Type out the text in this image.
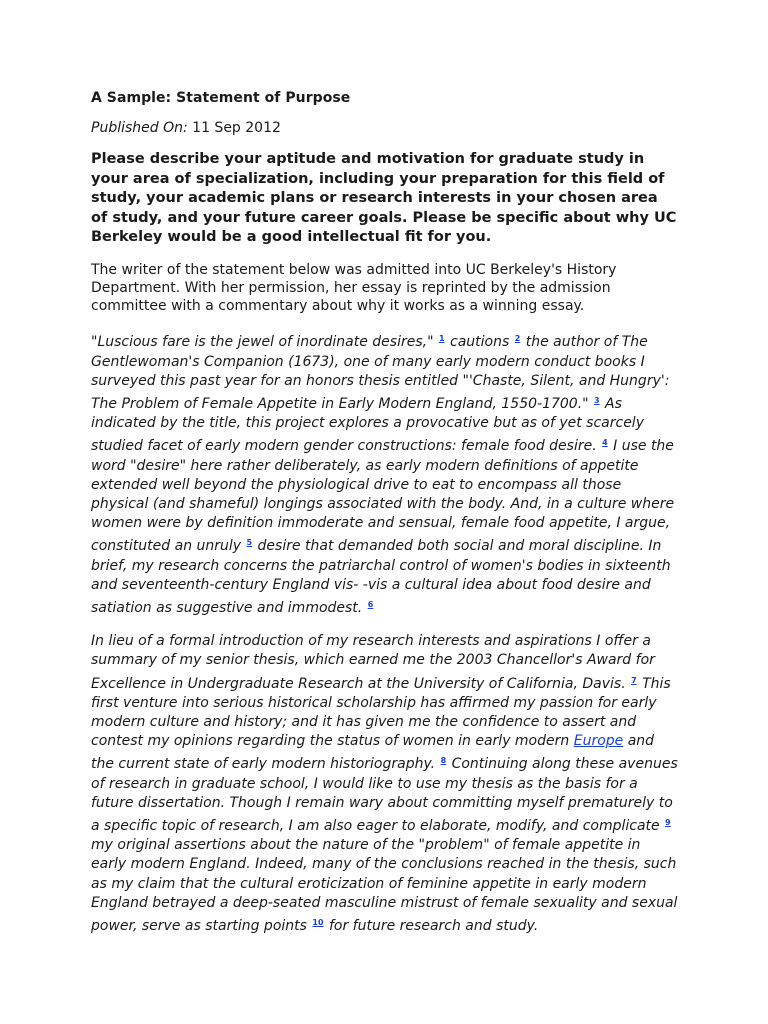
A Sample: Statement of Purpose
Published On: 11 Sep 2012
Please describe your aptitude and motivation for graduate study in your area of specialization, including your preparation for this field of study, your academic plans or research interests in your chosen area of study, and your future career goals. Please be specific about why UC Berkeley would be a good intellectual fit for you.
The writer of the statement below was admitted into UC Berkeley's History Department. With her permission, her essay is reprinted by the admission committee with a commentary about why it works as a winning essay.
"Luscious fare is the jewel of inordinate desires," $^1$ cautions $^2$ the author of The Gentlewoman's Companion (1673), one of many early modern conduct books I surveyed this past year for an honors thesis entitled "'Chaste, Silent, and Hungry': The Problem of Female Appetite in Early Modern England, 1550-1700." $^3$ As indicated by the title, this project explores a provocative but as of yet scarcely studied facet of early modern gender constructions: female food desire. $^4$ I use the word "desire" here rather deliberately, as early modern definitions of appetite extended well beyond the physiological drive to eat to encompass all those physical (and shameful) longings associated with the body. And, in a culture where women were by definition immoderate and sensual, female food appetite, I argue, constituted an unruly $^5$ desire that demanded both social and moral discipline. In brief, my research concerns the patriarchal control of women's bodies in sixteenth and seventeenth-century England vis- -vis a cultural idea about food desire and satiation as suggestive and immodest. $^6$
In lieu of a formal introduction of my research interests and aspirations I offer a summary of my senior thesis, which earned me the 2003 Chancellor's Award for Excellence in Undergraduate Research at the University of California, Davis. $^7$ This first venture into serious historical scholarship has affirmed my passion for early modern culture and history; and it has given me the confidence to assert and contest my opinions regarding the status of women in early modern Europe and the current state of early modern historiography. $^8$ Continuing along these avenues of research in graduate school, I would like to use my thesis as the basis for a future dissertation. Though I remain wary about committing myself prematurely to a specific topic of research, I am also eager to elaborate, modify, and complicate $^9$ my original assertions about the nature of the "problem" of female appetite in early modern England. Indeed, many of the conclusions reached in the thesis, such as my claim that the cultural eroticization of feminine appetite in early modern England betrayed a deep-seated masculine mistrust of female sexuality and sexual power, serve as starting points $^{10}$ for future research and study.
